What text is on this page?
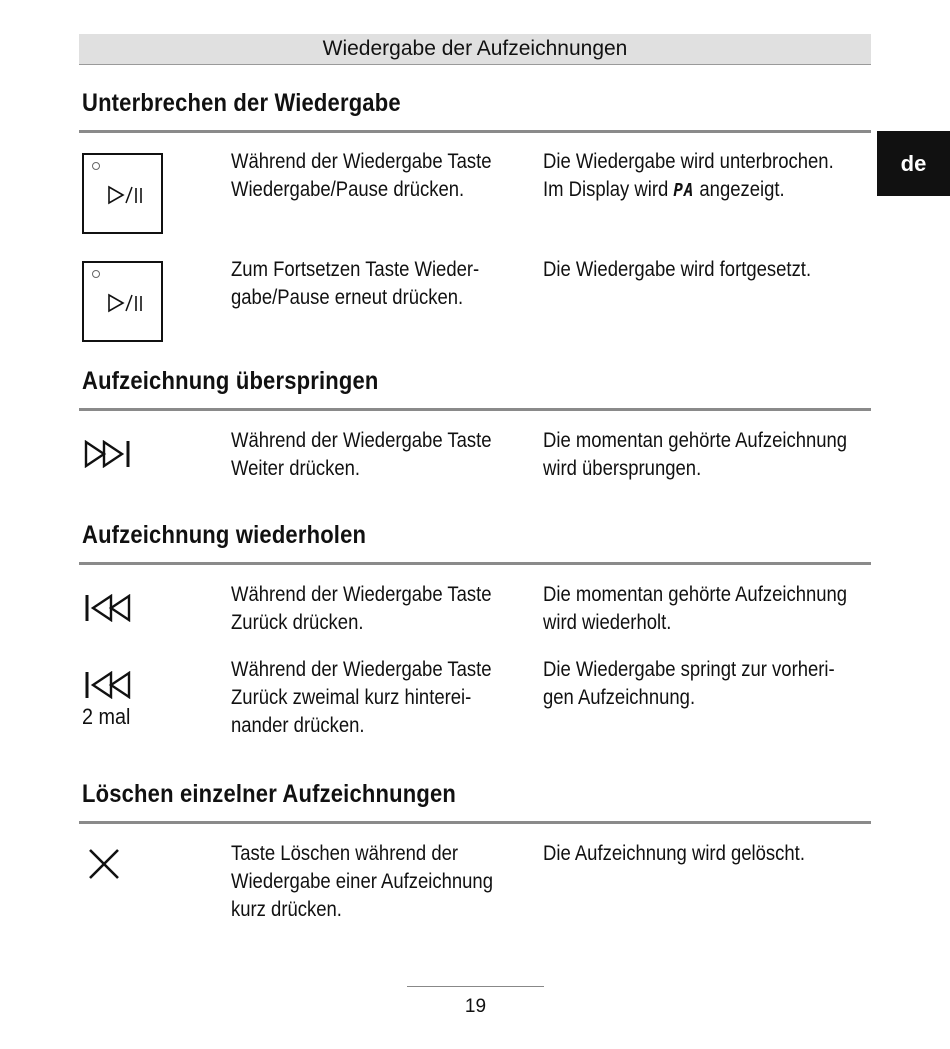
Wiedergabe der Aufzeichnungen
de
Unterbrechen der Wiedergabe
Während der Wiedergabe Taste
Wiedergabe/Pause drücken.
Die Wiedergabe wird unterbrochen.
Im Display wird PA angezeigt.
Zum Fortsetzen Taste Wieder-
gabe/Pause erneut drücken.
Die Wiedergabe wird fortgesetzt.
Aufzeichnung überspringen
Während der Wiedergabe Taste
Weiter drücken.
Die momentan gehörte Aufzeichnung
wird übersprungen.
Aufzeichnung wiederholen
Während der Wiedergabe Taste
Zurück drücken.
Die momentan gehörte Aufzeichnung
wird wiederholt.
2 mal
Während der Wiedergabe Taste
Zurück zweimal kurz hinterei-
nander drücken.
Die Wiedergabe springt zur vorheri-
gen Aufzeichnung.
Löschen einzelner Aufzeichnungen
Taste Löschen während der
Wiedergabe einer Aufzeichnung
kurz drücken.
Die Aufzeichnung wird gelöscht.
19
